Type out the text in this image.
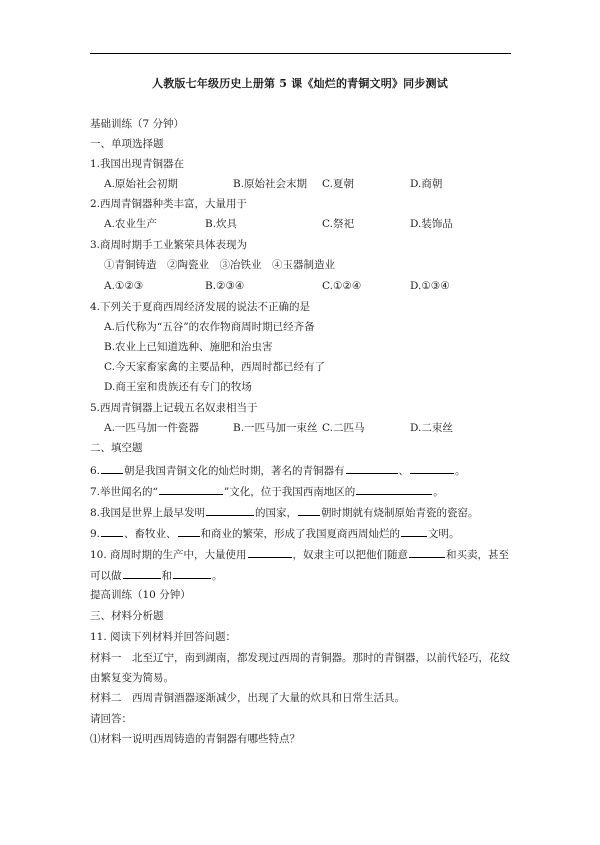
人教版七年级历史上册第 5 课《灿烂的青铜文明》同步测试
基础训练（7 分钟）
一、单项选择题
1.我国出现青铜器在
A.原始社会初期	B.原始社会末期 C.夏朝	D.商朝
2.西周青铜器种类丰富，大量用于
A.农业生产	B.炊具	C.祭祀	D.装饰品
3.商周时期手工业繁荣具体表现为
①青铜铸造　②陶瓷业　③冶铁业　④玉器制造业
A.①②③	B.②③④	C.①②④	D.①③④
4.下列关于夏商西周经济发展的说法不正确的是
A.后代称为“五谷”的农作物商周时期已经齐备
B.农业上已知道选种、施肥和治虫害
C.今天家畜家禽的主要品种，西周时都已经有了
D.商王室和贵族还有专门的牧场
5.西周青铜器上记载五名奴隶相当于
A.一匹马加一件瓷器	B.一匹马加一束丝 C.二匹马	D.二束丝
二、填空题
6. 朝是我国青铜文化的灿烂时期，著名的青铜器有	、	。
7.举世闻名的“	”文化，位于我国西南地区的	。
8.我国是世界上最早发明	的国家， 朝时期就有烧制原始青瓷的瓷窑。
9. 、畜牧业、 和商业的繁荣，形成了我国夏商西周灿烂的	文明。
10. 商周时期的生产中，大量使用	，奴隶主可以把他们随意	和买卖，甚至
可以做	和	。
提高训练（10 分钟）
三、材料分析题
11. 阅读下列材料并回答问题：
材料一　北至辽宁，南到湖南，都发现过西周的青铜器。那时的青铜器，以前代轻巧，花纹
由繁复变为简易。
材料二　西周青铜酒器逐渐减少，出现了大量的炊具和日常生活具。
请回答：
⑴材料一说明西周铸造的青铜器有哪些特点？
